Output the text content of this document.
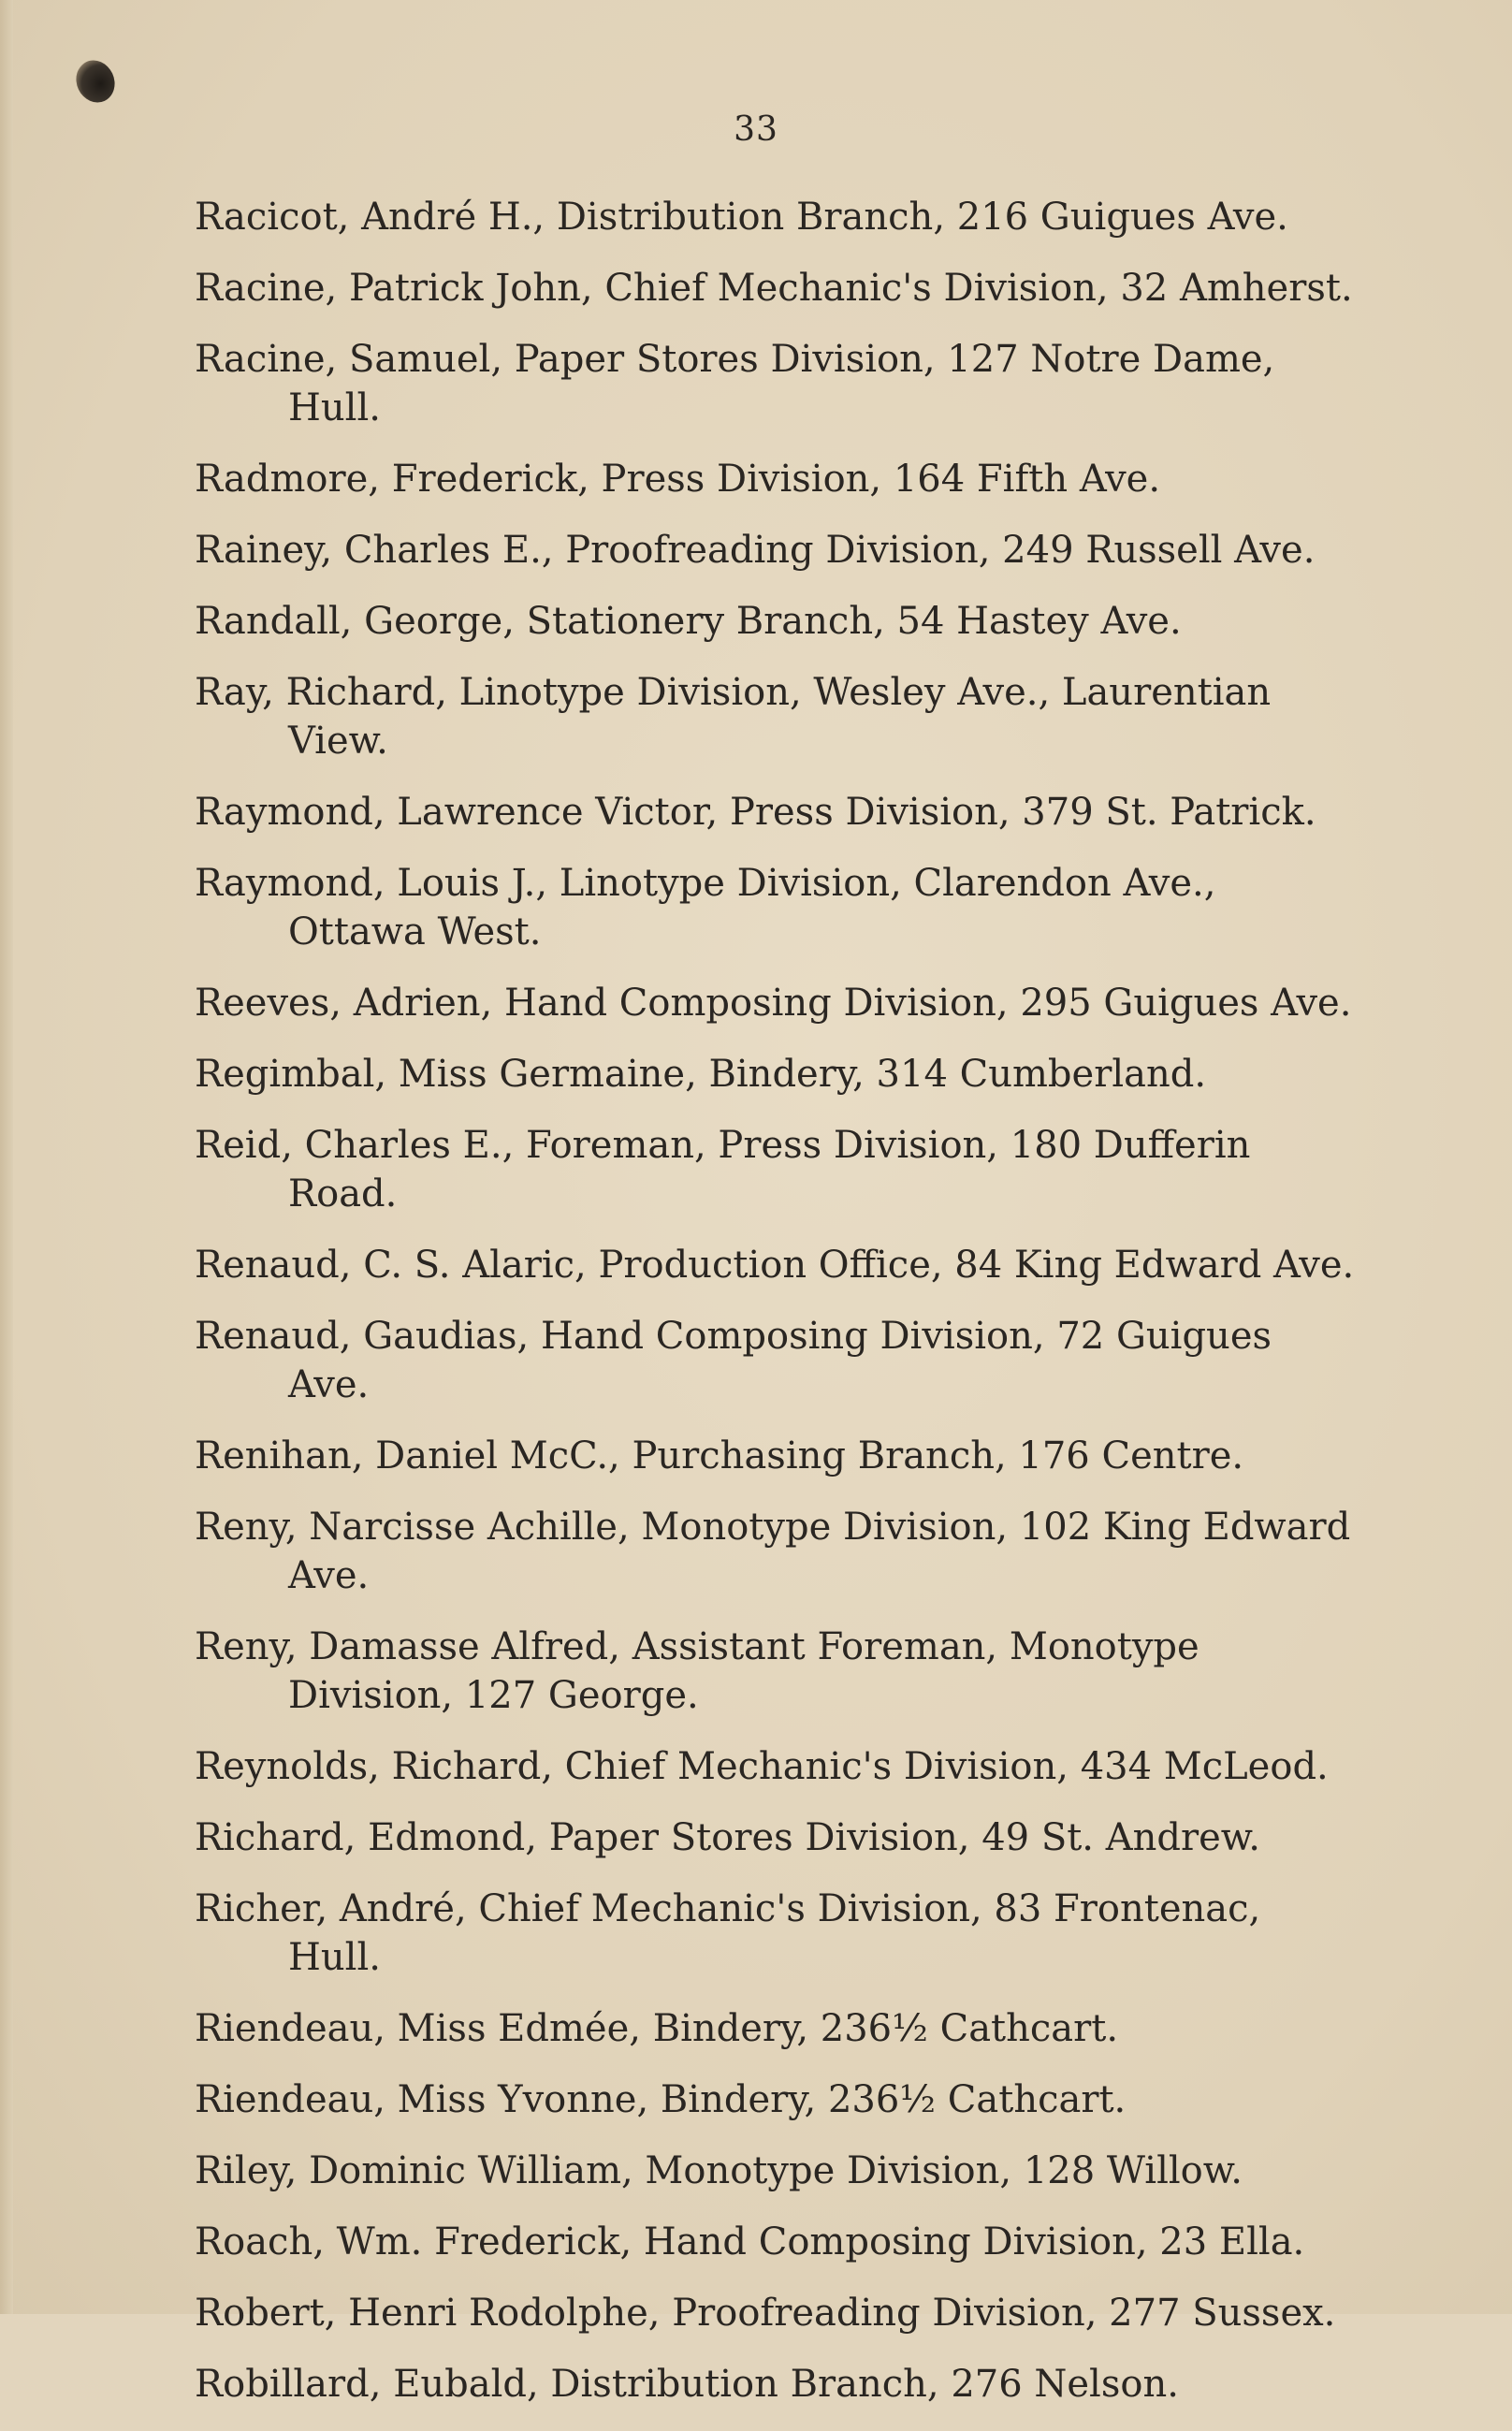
33
Racicot, André H., Distribution Branch, 216 Guigues Ave.
Racine, Patrick John, Chief Mechanic's Division, 32 Amherst.
Racine, Samuel, Paper Stores Division, 127 Notre Dame, Hull.
Radmore, Frederick, Press Division, 164 Fifth Ave.
Rainey, Charles E., Proofreading Division, 249 Russell Ave.
Randall, George, Stationery Branch, 54 Hastey Ave.
Ray, Richard, Linotype Division, Wesley Ave., Laurentian View.
Raymond, Lawrence Victor, Press Division, 379 St. Patrick.
Raymond, Louis J., Linotype Division, Clarendon Ave., Ottawa West.
Reeves, Adrien, Hand Composing Division, 295 Guigues Ave.
Regimbal, Miss Germaine, Bindery, 314 Cumberland.
Reid, Charles E., Foreman, Press Division, 180 Dufferin Road.
Renaud, C. S. Alaric, Production Office, 84 King Edward Ave.
Renaud, Gaudias, Hand Composing Division, 72 Guigues Ave.
Renihan, Daniel McC., Purchasing Branch, 176 Centre.
Reny, Narcisse Achille, Monotype Division, 102 King Edward Ave.
Reny, Damasse Alfred, Assistant Foreman, Monotype Division, 127 George.
Reynolds, Richard, Chief Mechanic's Division, 434 McLeod.
Richard, Edmond, Paper Stores Division, 49 St. Andrew.
Richer, André, Chief Mechanic's Division, 83 Frontenac, Hull.
Riendeau, Miss Edmée, Bindery, 236½ Cathcart.
Riendeau, Miss Yvonne, Bindery, 236½ Cathcart.
Riley, Dominic William, Monotype Division, 128 Willow.
Roach, Wm. Frederick, Hand Composing Division, 23 Ella.
Robert, Henri Rodolphe, Proofreading Division, 277 Sussex.
Robillard, Eubald, Distribution Branch, 276 Nelson.
